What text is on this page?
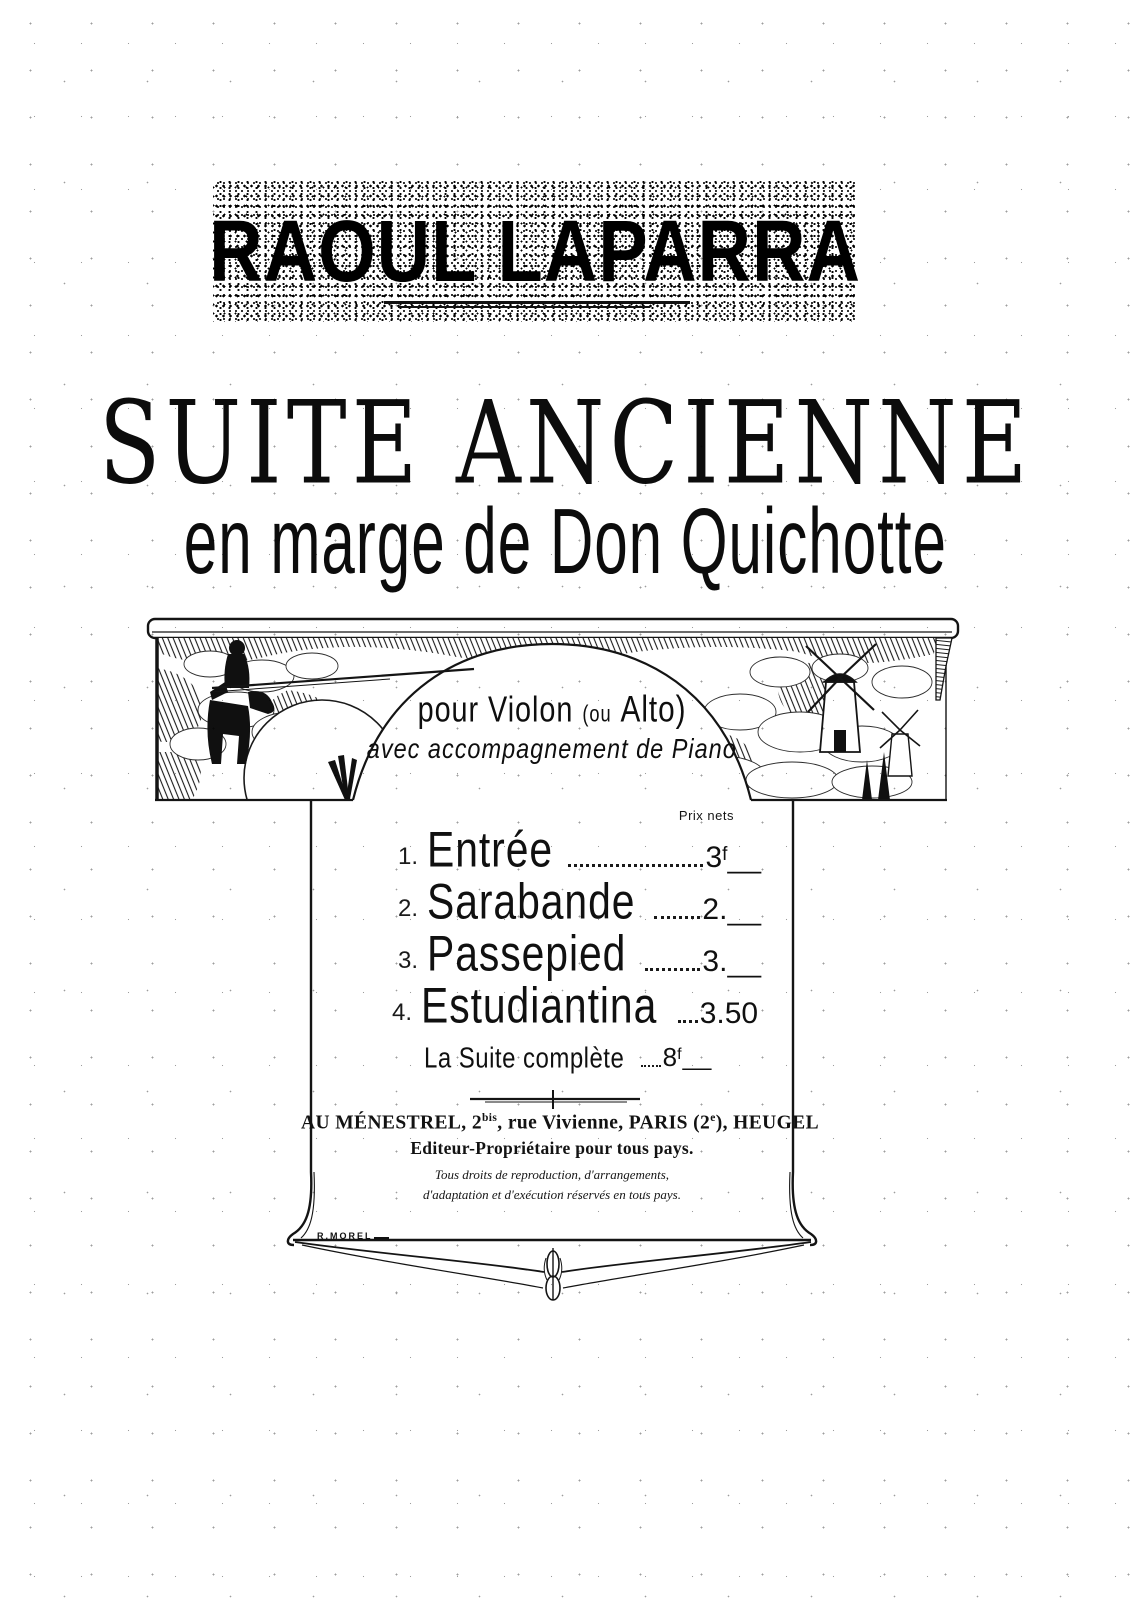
RAOUL LAPARRA
SUITE ANCIENNE
en marge de Don Quichotte
pour Violon (ou Alto)
avec accompagnement de Piano
Prix nets
1. Entrée	3 f _
2. Sarabande 2. _
3. Passepied	3. _
4. Estudiantina 3.50
La Suite complète 8 f _
AU MÉNESTREL, $2^{bis}$, rue Vivienne, PARIS (2e), HEUGEL
Editeur-Propriétaire pour tous pays.
Tous droits de reproduction, d'arrangements,
d'adaptation et d'exécution réservés en tous pays.
R.MOREL
